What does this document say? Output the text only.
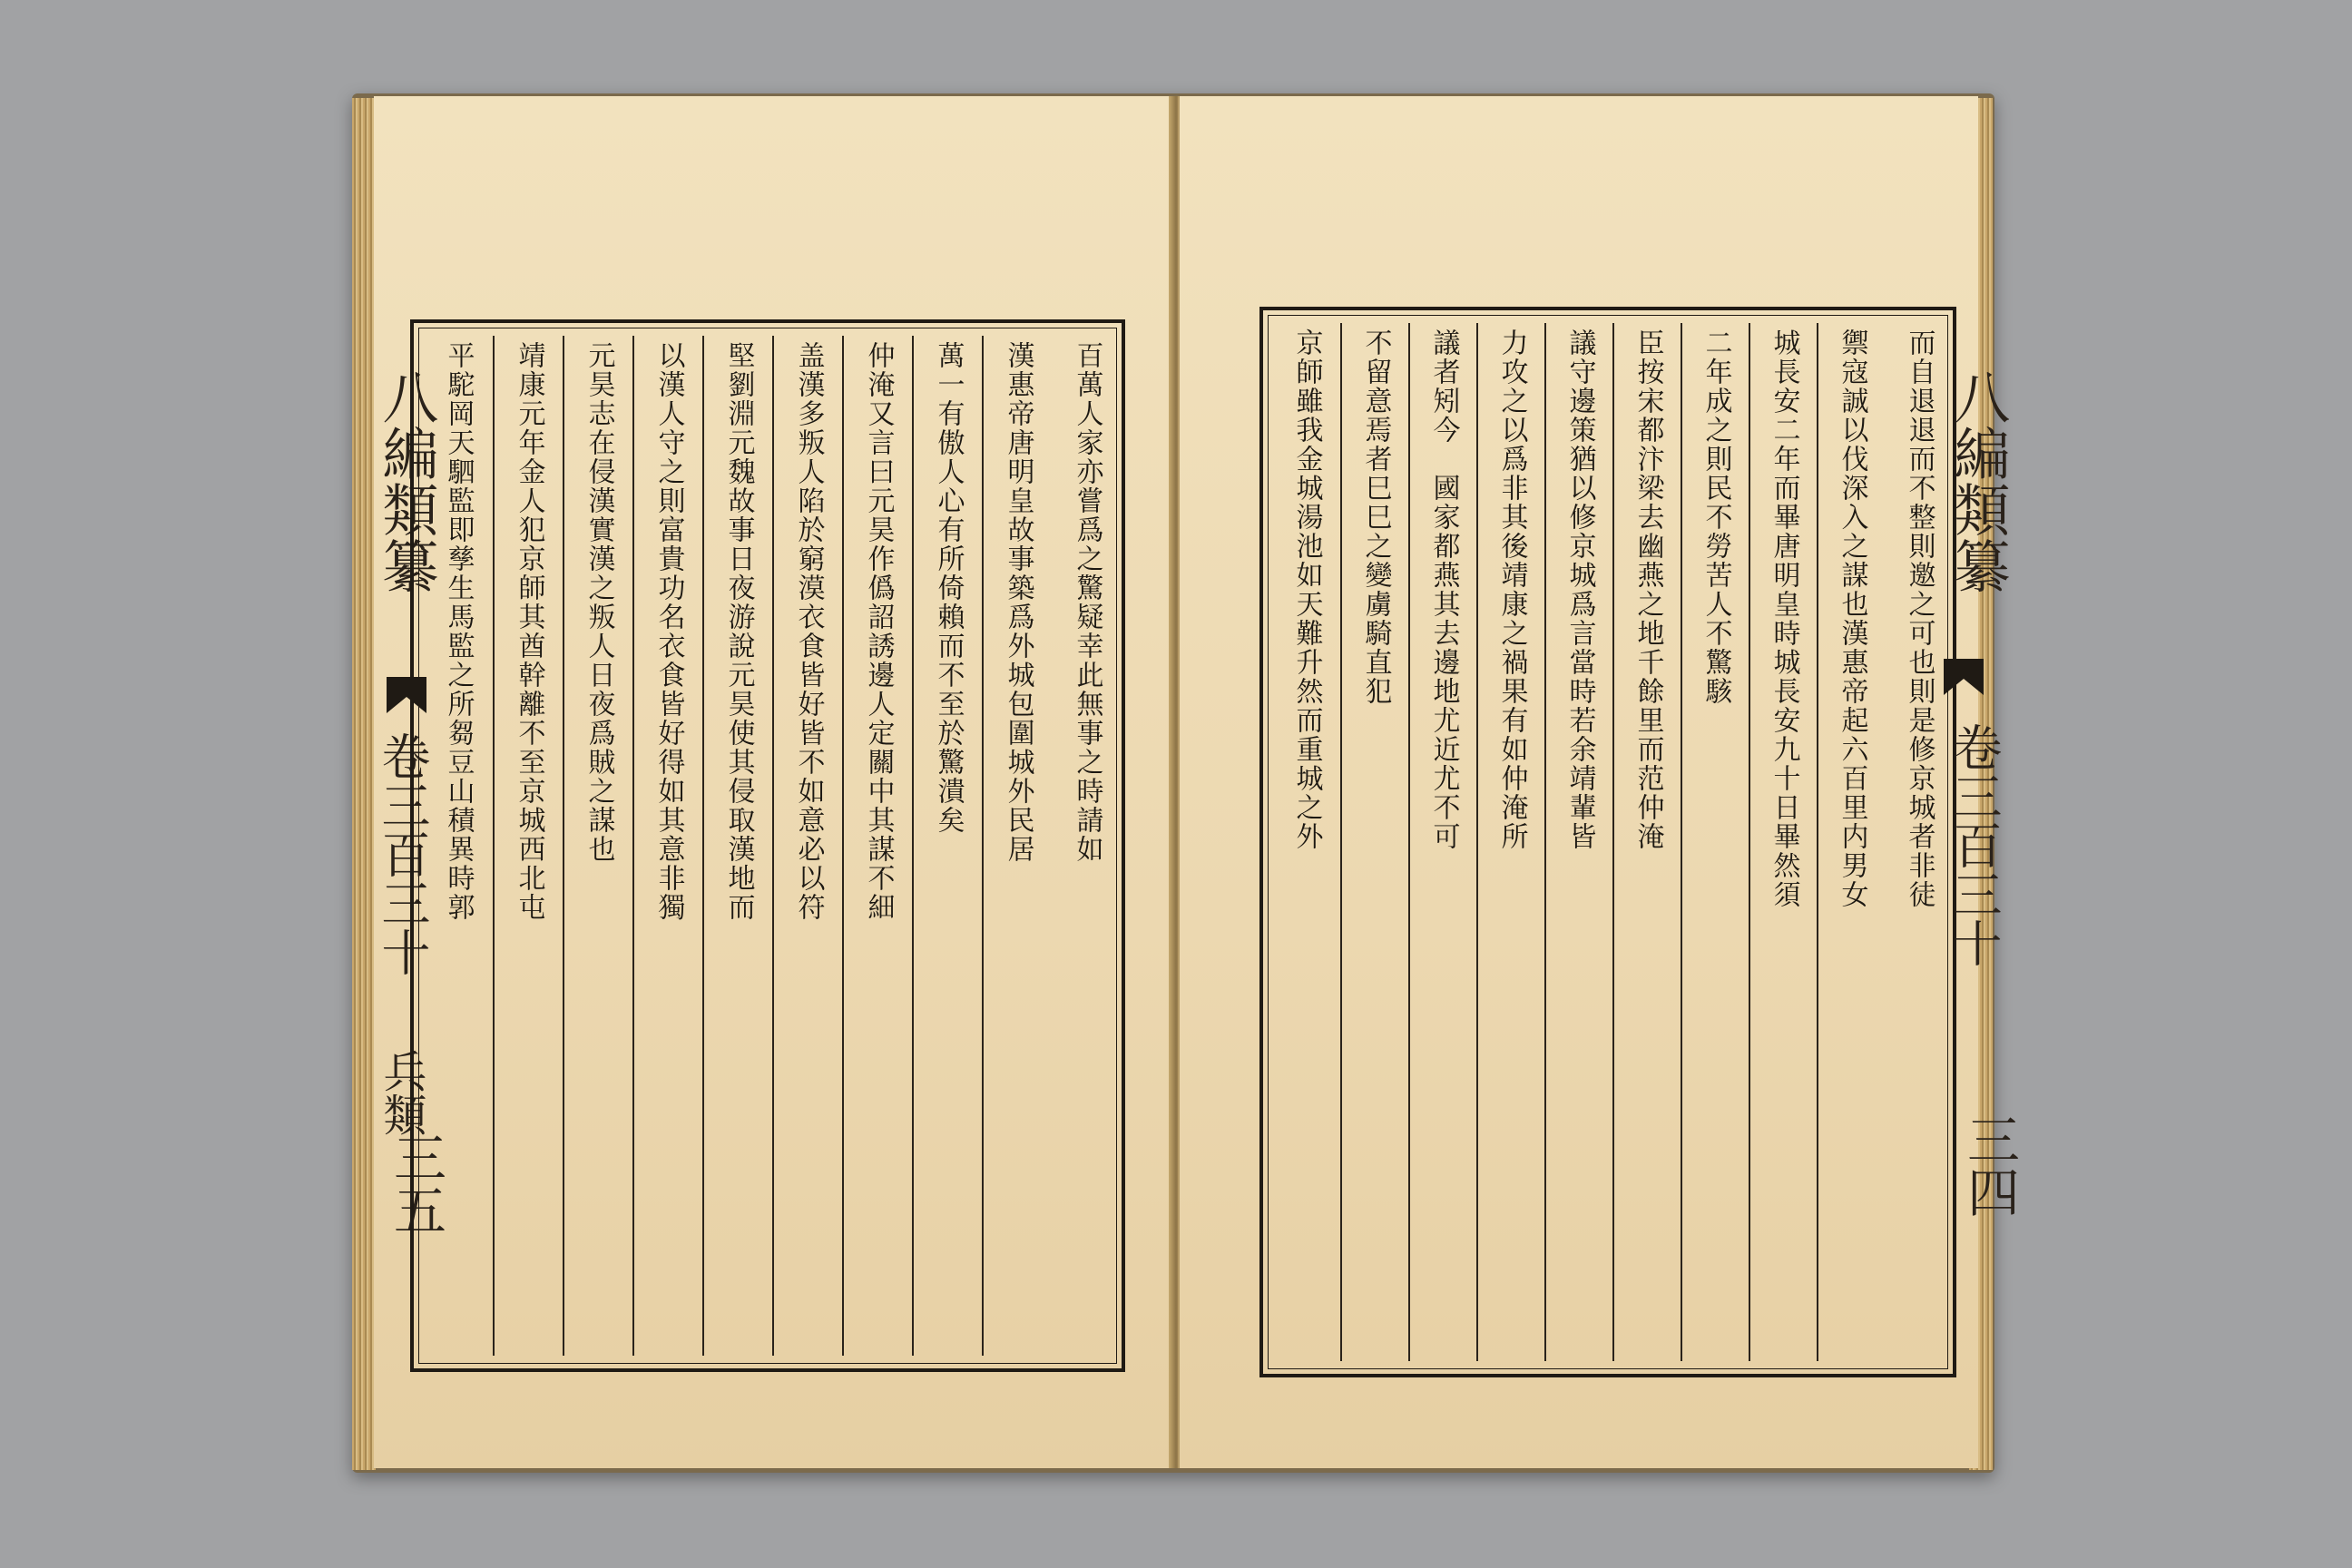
八編類纂
卷三百三十
兵類
三五
百萬人家亦嘗爲之驚疑幸此無事之時請如
漢惠帝唐明皇故事築爲外城包圍城外民居
萬一有傲人心有所倚賴而不至於驚潰矣
仲淹又言曰元昊作僞詔誘邊人定關中其謀不細
盖漢多叛人陷於窮漠衣食皆好皆不如意必以符
堅劉淵元魏故事日夜游說元昊使其侵取漢地而
以漢人守之則富貴功名衣食皆好得如其意非獨
元昊志在侵漢實漢之叛人日夜爲賊之謀也
靖康元年金人犯京師其酋幹離不至京城西北屯
平駝岡天駟監即孳生馬監之所芻豆山積異時郭	而自退退而不整則邀之可也則是修京城者非徒
禦寇誠以伐深入之謀也漢惠帝起六百里内男女
城長安二年而畢唐明皇時城長安九十日畢然須
二年成之則民不勞苦人不驚駭
臣按宋都汴梁去幽燕之地千餘里而范仲淹
議守邊策猶以修京城爲言當時若余靖輩皆
力攻之以爲非其後靖康之禍果有如仲淹所
議者矧今　國家都燕其去邊地尤近尤不可
不留意焉者巳巳之變虜騎直犯
京師雖我金城湯池如天難升然而重城之外	八編類纂
卷三百三十
三四
